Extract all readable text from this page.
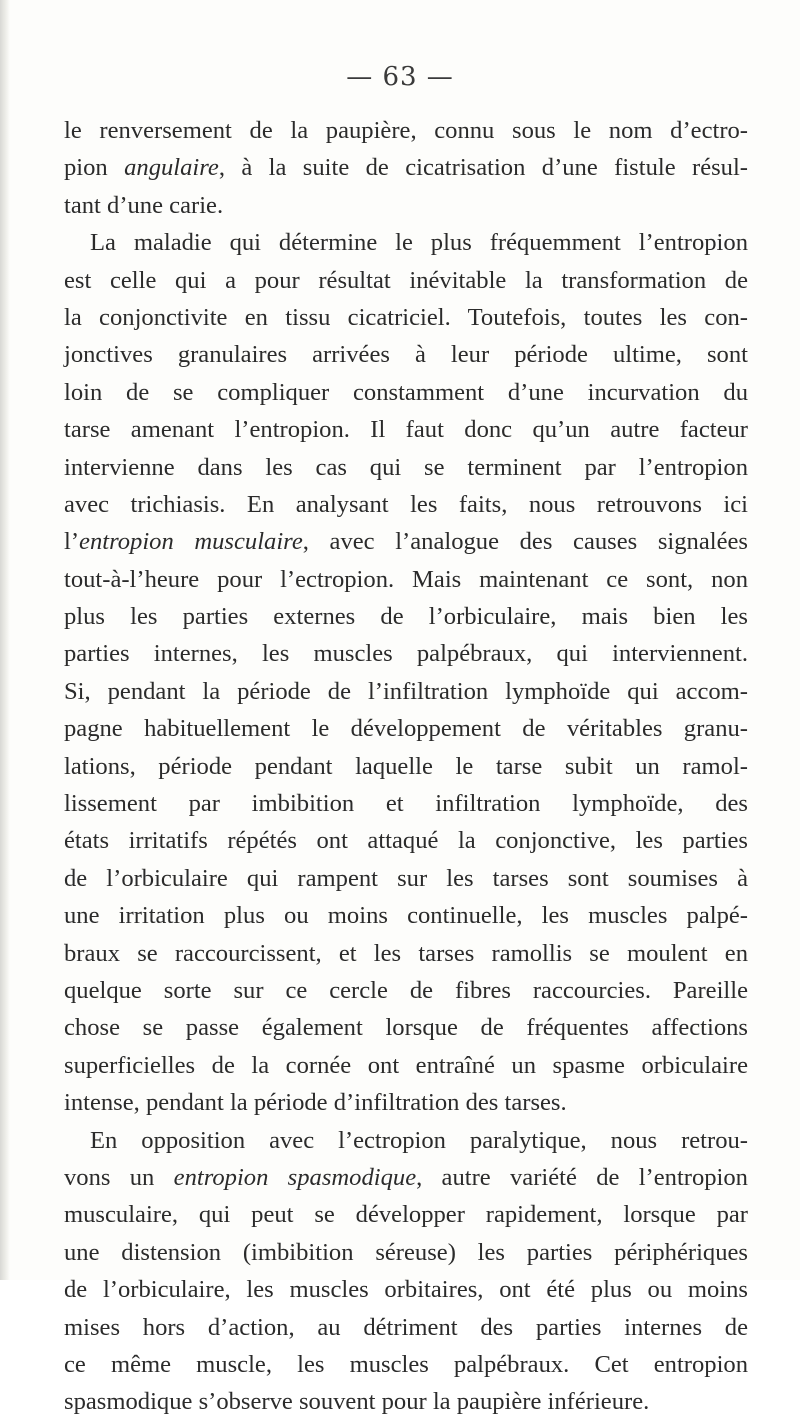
— 63 —
le renversement de la paupière, connu sous le nom d’ectro-
pion angulaire, à la suite de cicatrisation d’une fistule résul-
tant d’une carie.
La maladie qui détermine le plus fréquemment l’entropion
est celle qui a pour résultat inévitable la transformation de
la conjonctivite en tissu cicatriciel. Toutefois, toutes les con-
jonctives granulaires arrivées à leur période ultime, sont
loin de se compliquer constamment d’une incurvation du
tarse amenant l’entropion. Il faut donc qu’un autre facteur
intervienne dans les cas qui se terminent par l’entropion
avec trichiasis. En analysant les faits, nous retrouvons ici
l’entropion musculaire, avec l’analogue des causes signalées
tout-à-l’heure pour l’ectropion. Mais maintenant ce sont, non
plus les parties externes de l’orbiculaire, mais bien les
parties internes, les muscles palpébraux, qui interviennent.
Si, pendant la période de l’infiltration lymphoïde qui accom-
pagne habituellement le développement de véritables granu-
lations, période pendant laquelle le tarse subit un ramol-
lissement par imbibition et infiltration lymphoïde, des
états irritatifs répétés ont attaqué la conjonctive, les parties
de l’orbiculaire qui rampent sur les tarses sont soumises à
une irritation plus ou moins continuelle, les muscles palpé-
braux se raccourcissent, et les tarses ramollis se moulent en
quelque sorte sur ce cercle de fibres raccourcies. Pareille
chose se passe également lorsque de fréquentes affections
superficielles de la cornée ont entraîné un spasme orbiculaire
intense, pendant la période d’infiltration des tarses.
En opposition avec l’ectropion paralytique, nous retrou-
vons un entropion spasmodique, autre variété de l’entropion
musculaire, qui peut se développer rapidement, lorsque par
une distension (imbibition séreuse) les parties périphériques
de l’orbiculaire, les muscles orbitaires, ont été plus ou moins
mises hors d’action, au détriment des parties internes de
ce même muscle, les muscles palpébraux. Cet entropion
spasmodique s’observe souvent pour la paupière inférieure.
